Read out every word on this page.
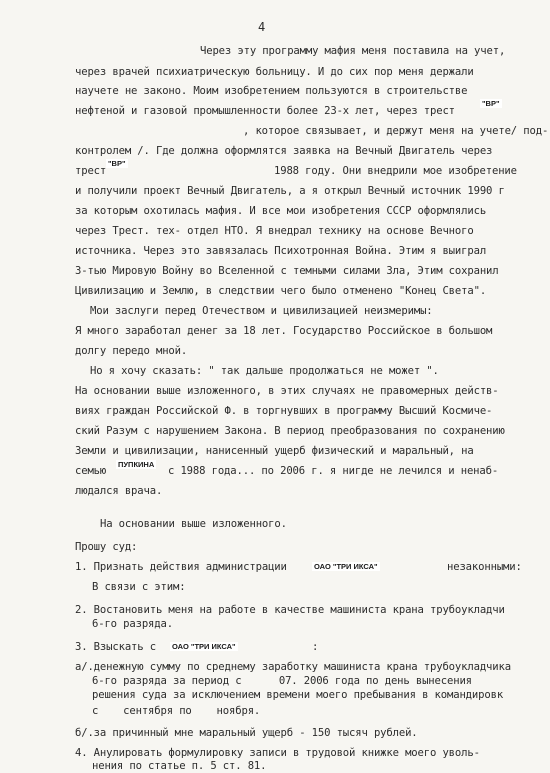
4
Через эту программу мафия меня поставила на учет,
через врачей психиатрическую больницу. И до сих пор меня держали
научете не законо. Моим изобретением пользуются в строительстве
нефтеной и газовой промышленности более 23-х лет, через трест
"ВР"
, которое связывает, и держут меня на учете/ под-
контролем /. Где должна оформлятся заявка на Вечный Двигатель через
трест
"ВР"
1988 году. Они внедрили мое изобретение
и получили проект Вечный Двигатель, а я открыл Вечный источник 1990 г
за которым охотилась мафия. И все мои изобретения СССР оформлялись
через Трест. тех- отдел НТО. Я внедрал технику на основе Вечного
источника. Через это завязалась Психотронная Война. Этим я выиграл
3-тью Мировую Войну во Вселенной с темными силами Зла, Этим сохранил
Цивилизацию и Землю, в следствии чего было отменено "Конец Света".
Мои заслуги перед Отечеством и цивилизацией неизмеримы:
Я много заработал денег за 18 лет. Государство Российское в большом
долгу передо мной.
Но я хочу сказать: " так дальше продолжаться не может ".
На основании выше изложенного, в этих случаях не правомерных действ-
виях граждан Российской Ф. в торгнувших в программу Высший Космиче-
ский Разум с нарушением Закона. В период преобразования по сохранению
Земли и цивилизации, нанисенный ущерб физический и маральный, на
семью
ПУПКИНА
с 1988 года... по 2006 г. я нигде не лечился и ненаб-
людался врача.
На основании выше изложенного.
Прошу суд:
1. Признать действия администрации	ОАО "ТРИ ИКСА"	незаконными:
В связи с этим:
2. Востановить меня на работе в качестве машиниста крана трубоукладчи
6-го разряда.
3. Взыскать с ОАО "ТРИ ИКСА"	:
а/.денежную сумму по среднему заработку машиниста крана трубоукладчика
6-го разряда за период с      07. 2006 года по день вынесения
решения суда за исключением времени моего пребывания в командировк
с    сентября по    ноября.
б/.за причинный мне маральный ущерб - 150 тысяч рублей.
4. Анулировать формулировку записи в трудовой книжке моего уволь-
нения по статье п. 5 ст. 81.
